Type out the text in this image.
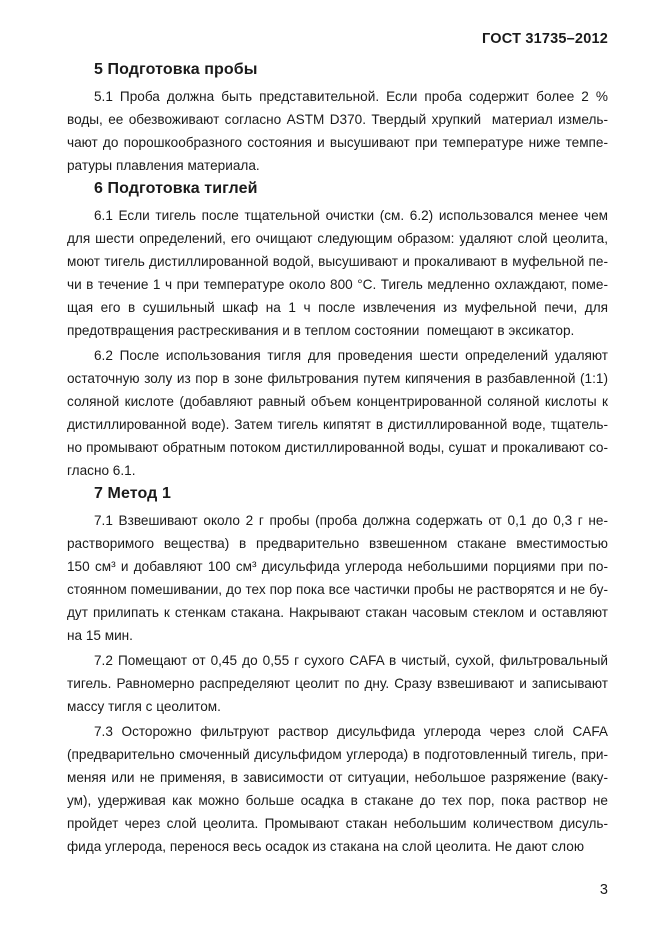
ГОСТ 31735–2012
5 Подготовка пробы

5.1 Проба должна быть представительной. Если проба содержит более 2 %
воды, ее обезвоживают согласно ASTM D370. Твердый хрупкий  материал измель-
чают до порошкообразного состояния и высушивают при температуре ниже темпе-
ратуры плавления материала.

6 Подготовка тиглей

6.1 Если тигель после тщательной очистки (см. 6.2) использовался менее чем
для шести определений, его очищают следующим образом: удаляют слой цеолита,
моют тигель дистиллированной водой, высушивают и прокаливают в муфельной пе-
чи в течение 1 ч при температуре около 800 °С. Тигель медленно охлаждают, поме-
щая его в сушильный шкаф на 1 ч после извлечения из муфельной печи, для
предотвращения растрескивания и в теплом состоянии  помещают в эксикатор.

6.2 После использования тигля для проведения шести определений удаляют
остаточную золу из пор в зоне фильтрования путем кипячения в разбавленной (1:1)
соляной кислоте (добавляют равный объем концентрированной соляной кислоты к
дистиллированной воде). Затем тигель кипятят в дистиллированной воде, тщатель-
но промывают обратным потоком дистиллированной воды, сушат и прокаливают со-
гласно 6.1.

7 Метод 1

7.1 Взвешивают около 2 г пробы (проба должна содержать от 0,1 до 0,3 г не-
растворимого вещества) в предварительно взвешенном стакане вместимостью
150 см³ и добавляют 100 см³ дисульфида углерода небольшими порциями при по-
стоянном помешивании, до тех пор пока все частички пробы не растворятся и не бу-
дут прилипать к стенкам стакана. Накрывают стакан часовым стеклом и оставляют
на 15 мин.

7.2 Помещают от 0,45 до 0,55 г сухого CAFA в чистый, сухой, фильтровальный
тигель. Равномерно распределяют цеолит по дну. Сразу взвешивают и записывают
массу тигля с цеолитом.

7.3 Осторожно фильтруют раствор дисульфида углерода через слой CAFA
(предварительно смоченный дисульфидом углерода) в подготовленный тигель, при-
меняя или не применяя, в зависимости от ситуации, небольшое разряжение (ваку-
ум), удерживая как можно больше осадка в стакане до тех пор, пока раствор не
пройдет через слой цеолита. Промывают стакан небольшим количеством дисуль-
фида углерода, перенося весь осадок из стакана на слой цеолита. Не дают слою

3
